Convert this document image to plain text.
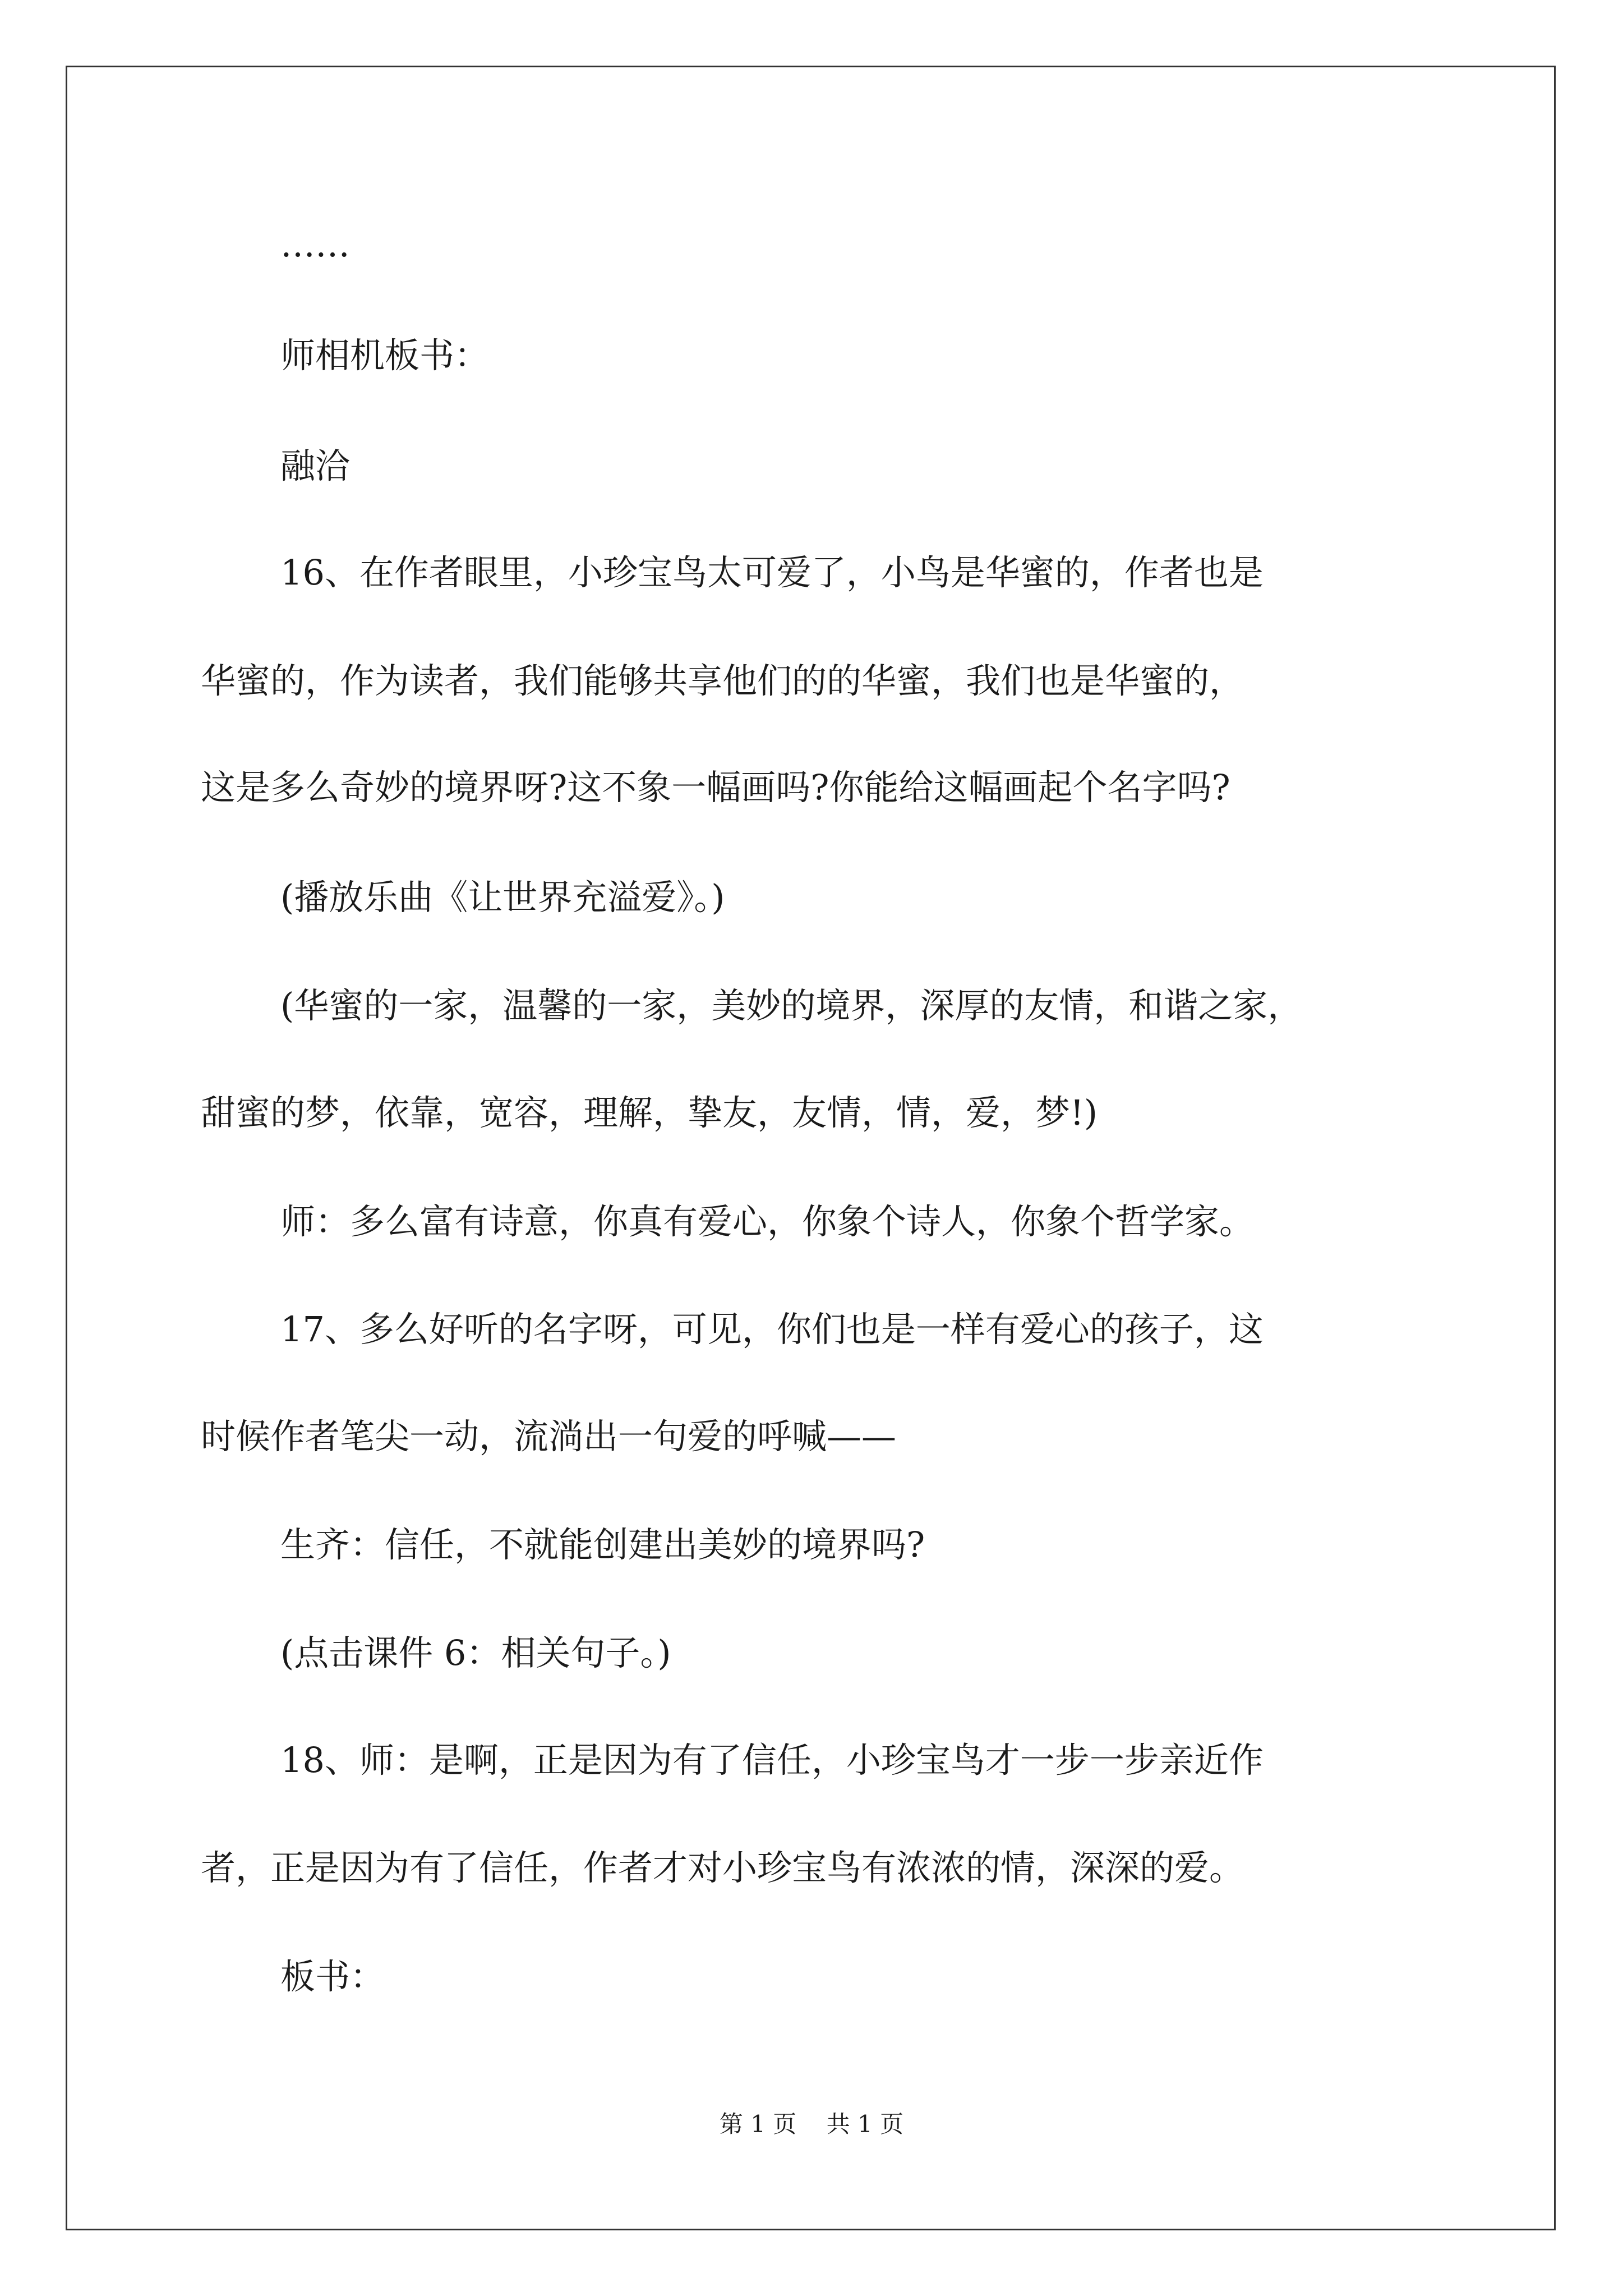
……
师相机板书：
融洽
16、在作者眼里，小珍宝鸟太可爱了，小鸟是华蜜的，作者也是
华蜜的，作为读者，我们能够共享他们的的华蜜，我们也是华蜜的，
这是多么奇妙的境界呀?这不象一幅画吗?你能给这幅画起个名字吗?
(播放乐曲《让世界充溢爱》。)
(华蜜的一家，温馨的一家，美妙的境界，深厚的友情，和谐之家，
甜蜜的梦，依靠，宽容，理解，挚友，友情，情，爱，梦!)
师：多么富有诗意，你真有爱心，你象个诗人，你象个哲学家。
17、多么好听的名字呀，可见，你们也是一样有爱心的孩子，这
时候作者笔尖一动，流淌出一句爱的呼喊——
生齐：信任，不就能创建出美妙的境界吗?
(点击课件 6：相关句子。)
18、师：是啊，正是因为有了信任，小珍宝鸟才一步一步亲近作
者，正是因为有了信任，作者才对小珍宝鸟有浓浓的情，深深的爱。
板书：
第 1 页    共 1 页
